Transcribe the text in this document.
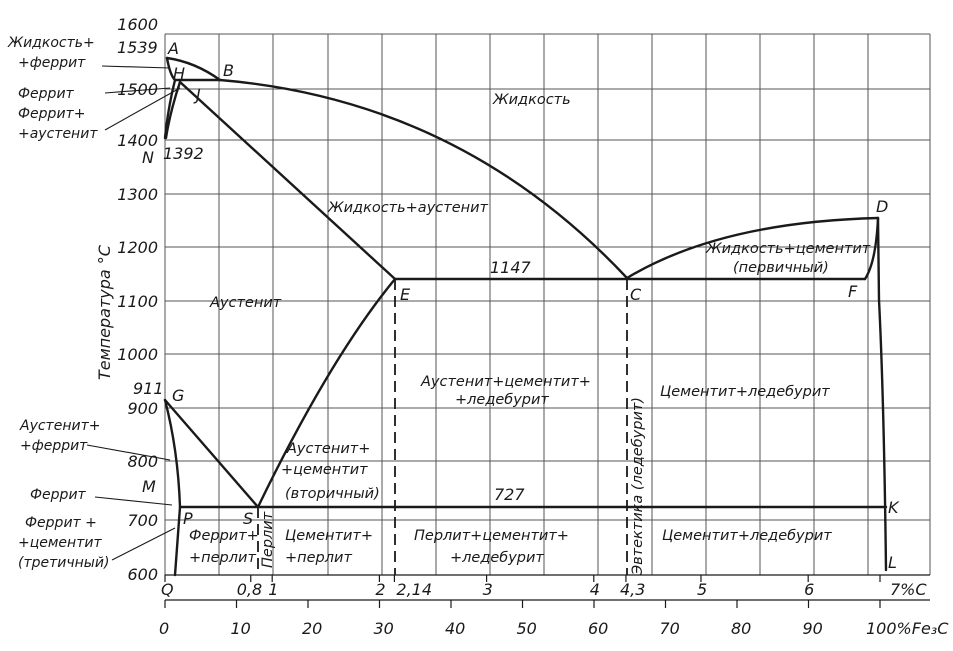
600
700
800
900
1000
1100
1200
1300
1400
1500
1600
Температура °С
1539
1392
1147
911
727
A
H
J
B
N
E	C
D
F
G
M
P	S
K
L
Жидкость
Жидкость+аустенит
Жидкость+цементит
(первичный)
Аустенит
Аустенит+цементит+
+ледебурит	Цементит+ледебурит
Аустенит+
+цементит
(вторичный)	Эвтектика (ледебурит)
Феррит+
+перлит Перлит Цементит+
+перлит
Перлит+цементит+
+ледебурит
Цементит+ледебурит
Жидкость+
+феррит
Феррит
Феррит+
+аустенит
Аустенит+
+феррит
Феррит
Феррит +
+цементит
(третичный)
Q	0,8 1	2 2,14	3	4 4,3	5	6	7%C
0	10	20	30	40	50	60	70	80	90	100%Fe₃C
